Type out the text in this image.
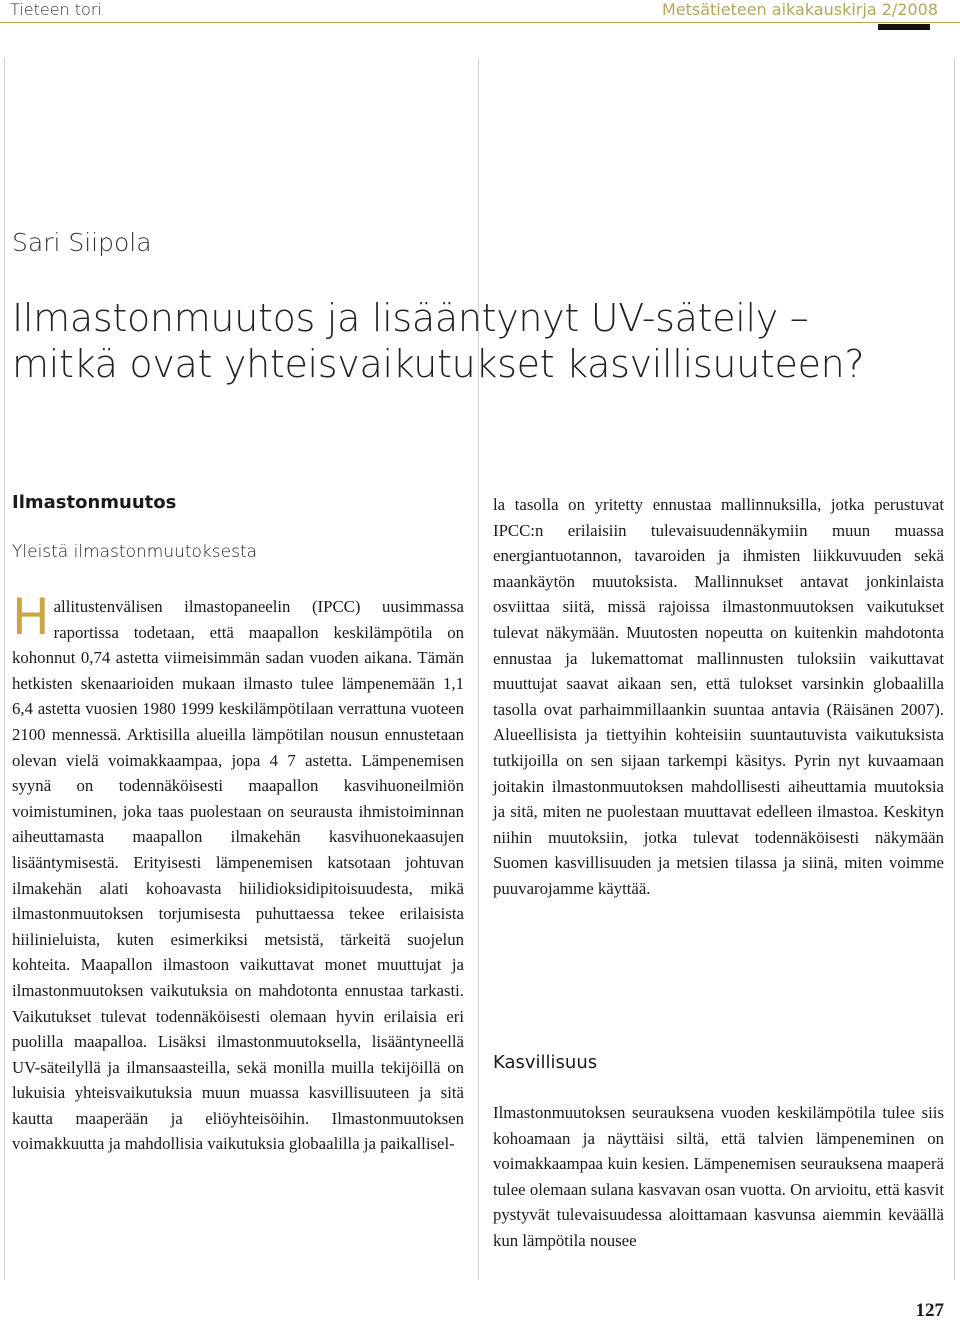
Tieteen tori	Metsätieteen aikakauskirja 2/2008
Sari Siipola
Ilmastonmuutos ja lisääntynyt UV-säteily –
mitkä ovat yhteisvaikutukset kasvillisuuteen?
Ilmastonmuutos
Yleistä ilmastonmuutoksesta
Hallitustenvälisen ilmastopaneelin (IPCC) uusimmassa raportissa todetaan, että maapallon keskilämpötila on kohonnut 0,74 astetta viimeisimmän sadan vuoden aikana. Tämän hetkisten skenaarioiden mukaan ilmasto tulee lämpenemään 1,1 6,4 astetta vuosien 1980 1999 keskilämpötilaan verrattuna vuoteen 2100 mennessä. Arktisilla alueilla lämpötilan nousun ennustetaan olevan vielä voimakkaampaa, jopa 4 7 astetta. Lämpenemisen syynä on todennäköisesti maapallon kasvihuoneilmiön voimistuminen, joka taas puolestaan on seurausta ihmistoiminnan aiheuttamasta maapallon ilmakehän kasvihuonekaasujen lisääntymisestä. Erityisesti lämpenemisen katsotaan johtuvan ilmakehän alati kohoavasta hiilidioksidipitoisuudesta, mikä ilmastonmuutoksen torjumisesta puhuttaessa tekee erilaisista hiilinieluista, kuten esimerkiksi metsistä, tärkeitä suojelun kohteita. Maapallon ilmastoon vaikuttavat monet muuttujat ja ilmastonmuutoksen vaikutuksia on mahdotonta ennustaa tarkasti. Vaikutukset tulevat todennäköisesti olemaan hyvin erilaisia eri puolilla maapalloa. Lisäksi ilmastonmuutoksella, lisääntyneellä UV-säteilyllä ja ilmansaasteilla, sekä monilla muilla tekijöillä on lukuisia yhteisvaikutuksia muun muassa kasvillisuuteen ja sitä kautta maaperään ja eliöyhteisöihin. Ilmastonmuutoksen voimakkuutta ja mahdollisia vaikutuksia globaalilla ja paikallisel-
la tasolla on yritetty ennustaa mallinnuksilla, jotka perustuvat IPCC:n erilaisiin tulevaisuudennäkymiin muun muassa energiantuotannon, tavaroiden ja ihmisten liikkuvuuden sekä maankäytön muutoksista. Mallinnukset antavat jonkinlaista osviittaa siitä, missä rajoissa ilmastonmuutoksen vaikutukset tulevat näkymään. Muutosten nopeutta on kuitenkin mahdotonta ennustaa ja lukemattomat mallinnusten tuloksiin vaikuttavat muuttujat saavat aikaan sen, että tulokset varsinkin globaalilla tasolla ovat parhaimmillaankin suuntaa antavia (Räisänen 2007). Alueellisista ja tiettyihin kohteisiin suuntautuvista vaikutuksista tutkijoilla on sen sijaan tarkempi käsitys. Pyrin nyt kuvaamaan joitakin ilmastonmuutoksen mahdollisesti aiheuttamia muutoksia ja sitä, miten ne puolestaan muuttavat edelleen ilmastoa. Keskityn niihin muutoksiin, jotka tulevat todennäköisesti näkymään Suomen kasvillisuuden ja metsien tilassa ja siinä, miten voimme puuvarojamme käyttää.
Kasvillisuus
Ilmastonmuutoksen seurauksena vuoden keskilämpötila tulee siis kohoamaan ja näyttäisi siltä, että talvien lämpeneminen on voimakkaampaa kuin kesien. Lämpenemisen seurauksena maaperä tulee olemaan sulana kasvavan osan vuotta. On arvioitu, että kasvit pystyvät tulevaisuudessa aloittamaan kasvunsa aiemmin keväällä kun lämpötila nousee
127
